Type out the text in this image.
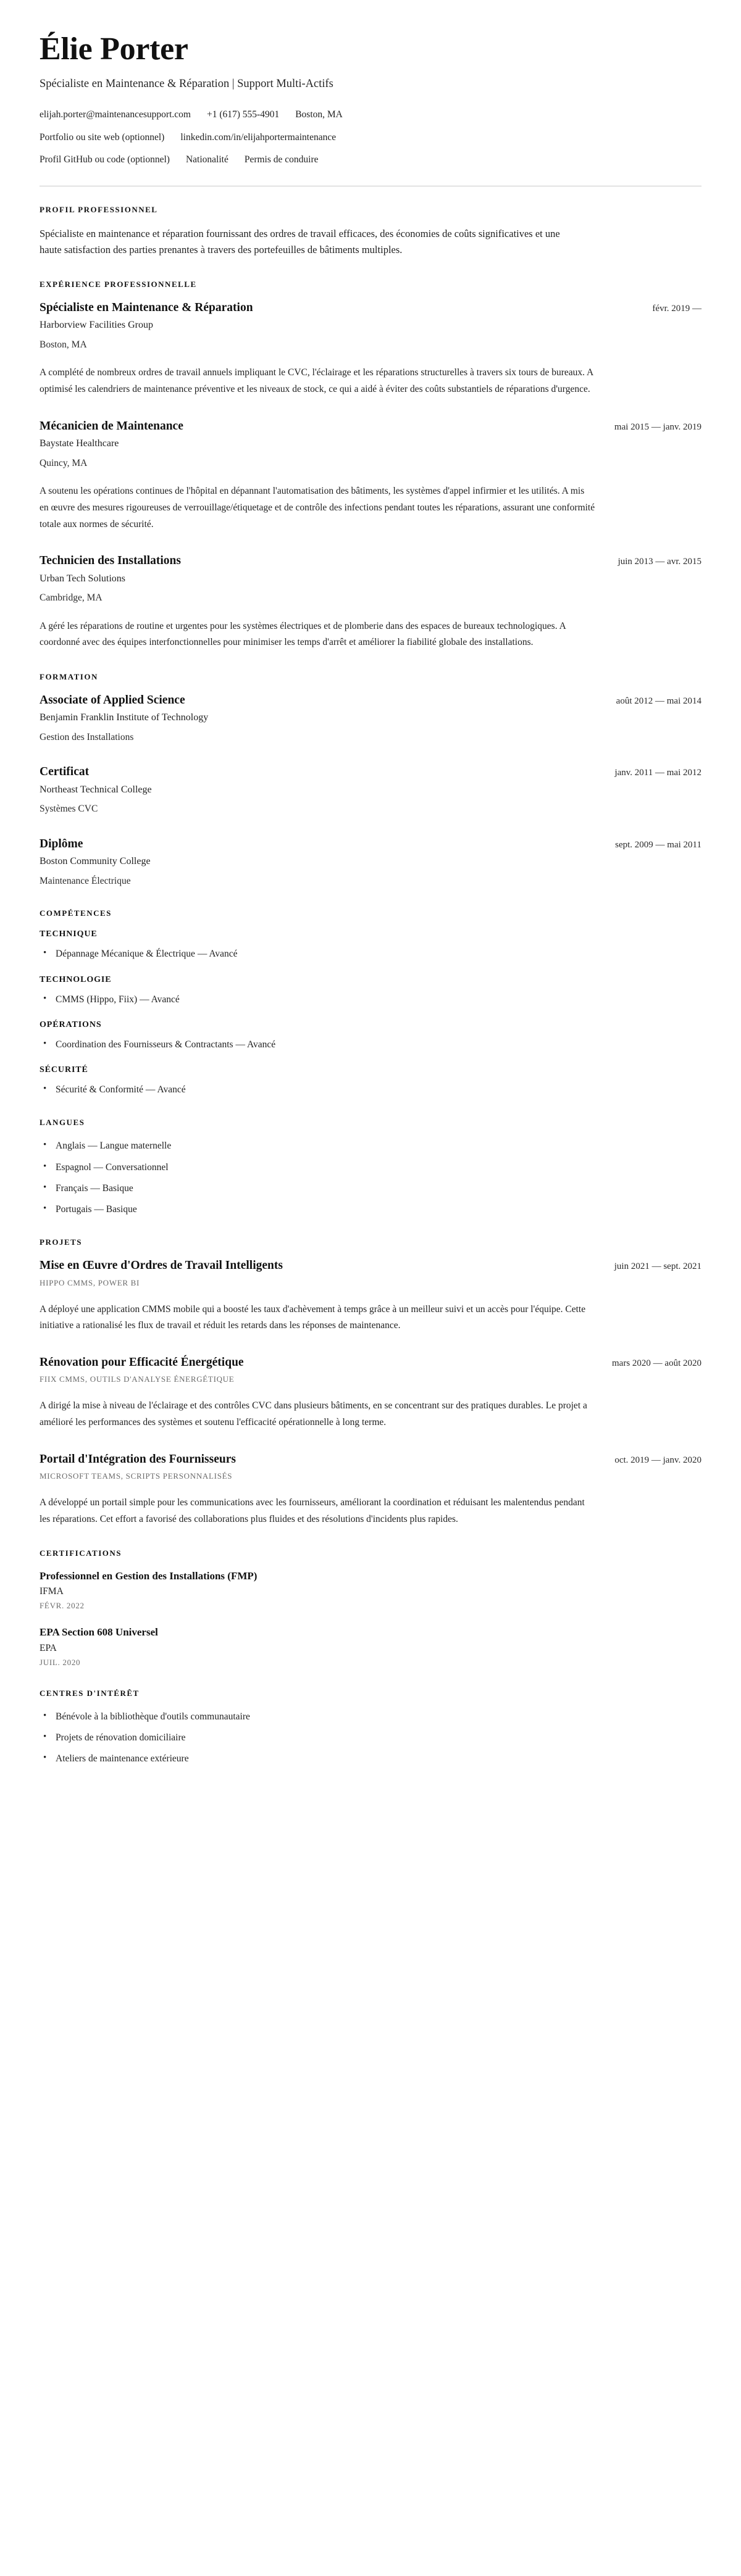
Élie Porter

Spécialiste en Maintenance & Réparation | Support Multi-Actifs

elijah.porter@maintenancesupport.com +1 (617) 555-4901 Boston, MA
Portfolio ou site web (optionnel) linkedin.com/in/elijahportermaintenance
Profil GitHub ou code (optionnel) Nationalité Permis de conduire
PROFIL PROFESSIONNEL

Spécialiste en maintenance et réparation fournissant des ordres de travail efficaces, des économies de coûts significatives et une haute satisfaction des parties prenantes à travers des portefeuilles de bâtiments multiples.

EXPÉRIENCE PROFESSIONNELLE
Spécialiste en Maintenance & Réparation	févr. 2019 —

Harborview Facilities Group

Boston, MA

A complété de nombreux ordres de travail annuels impliquant le CVC, l'éclairage et les réparations structurelles à travers six tours de bureaux. A optimisé les calendriers de maintenance préventive et les niveaux de stock, ce qui a aidé à éviter des coûts substantiels de réparations d'urgence.

Mécanicien de Maintenance	mai 2015 — janv. 2019

Baystate Healthcare

Quincy, MA

A soutenu les opérations continues de l'hôpital en dépannant l'automatisation des bâtiments, les systèmes d'appel infirmier et les utilités. A mis en œuvre des mesures rigoureuses de verrouillage/étiquetage et de contrôle des infections pendant toutes les réparations, assurant une conformité totale aux normes de sécurité.

Technicien des Installations	juin 2013 — avr. 2015

Urban Tech Solutions

Cambridge, MA

A géré les réparations de routine et urgentes pour les systèmes électriques et de plomberie dans des espaces de bureaux technologiques. A coordonné avec des équipes interfonctionnelles pour minimiser les temps d'arrêt et améliorer la fiabilité globale des installations.

FORMATION
Associate of Applied Science	août 2012 — mai 2014

Benjamin Franklin Institute of Technology

Gestion des Installations

Certificat	janv. 2011 — mai 2012

Northeast Technical College

Systèmes CVC

Diplôme	sept. 2009 — mai 2011

Boston Community College

Maintenance Électrique

COMPÉTENCES
TECHNIQUE
• Dépannage Mécanique & Électrique — Avancé
TECHNOLOGIE
• CMMS (Hippo, Fiix) — Avancé
OPÉRATIONS
• Coordination des Fournisseurs & Contractants — Avancé
SÉCURITÉ
• Sécurité & Conformité — Avancé
LANGUES
• Anglais — Langue maternelle
• Espagnol — Conversationnel
• Français — Basique
• Portugais — Basique
PROJETS
Mise en Œuvre d'Ordres de Travail Intelligents	juin 2021 — sept. 2021

HIPPO CMMS, POWER BI

A déployé une application CMMS mobile qui a boosté les taux d'achèvement à temps grâce à un meilleur suivi et un accès pour l'équipe. Cette initiative a rationalisé les flux de travail et réduit les retards dans les réponses de maintenance.

Rénovation pour Efficacité Énergétique	mars 2020 — août 2020

FIIX CMMS, OUTILS D'ANALYSE ÉNERGÉTIQUE

A dirigé la mise à niveau de l'éclairage et des contrôles CVC dans plusieurs bâtiments, en se concentrant sur des pratiques durables. Le projet a amélioré les performances des systèmes et soutenu l'efficacité opérationnelle à long terme.

Portail d'Intégration des Fournisseurs	oct. 2019 — janv. 2020

MICROSOFT TEAMS, SCRIPTS PERSONNALISÉS

A développé un portail simple pour les communications avec les fournisseurs, améliorant la coordination et réduisant les malentendus pendant les réparations. Cet effort a favorisé des collaborations plus fluides et des résolutions d'incidents plus rapides.

CERTIFICATIONS
Professionnel en Gestion des Installations (FMP)

IFMA

FÉVR. 2022

EPA Section 608 Universel

EPA

JUIL. 2020

CENTRES D'INTÉRÊT
• Bénévole à la bibliothèque d'outils communautaire
• Projets de rénovation domiciliaire
• Ateliers de maintenance extérieure
